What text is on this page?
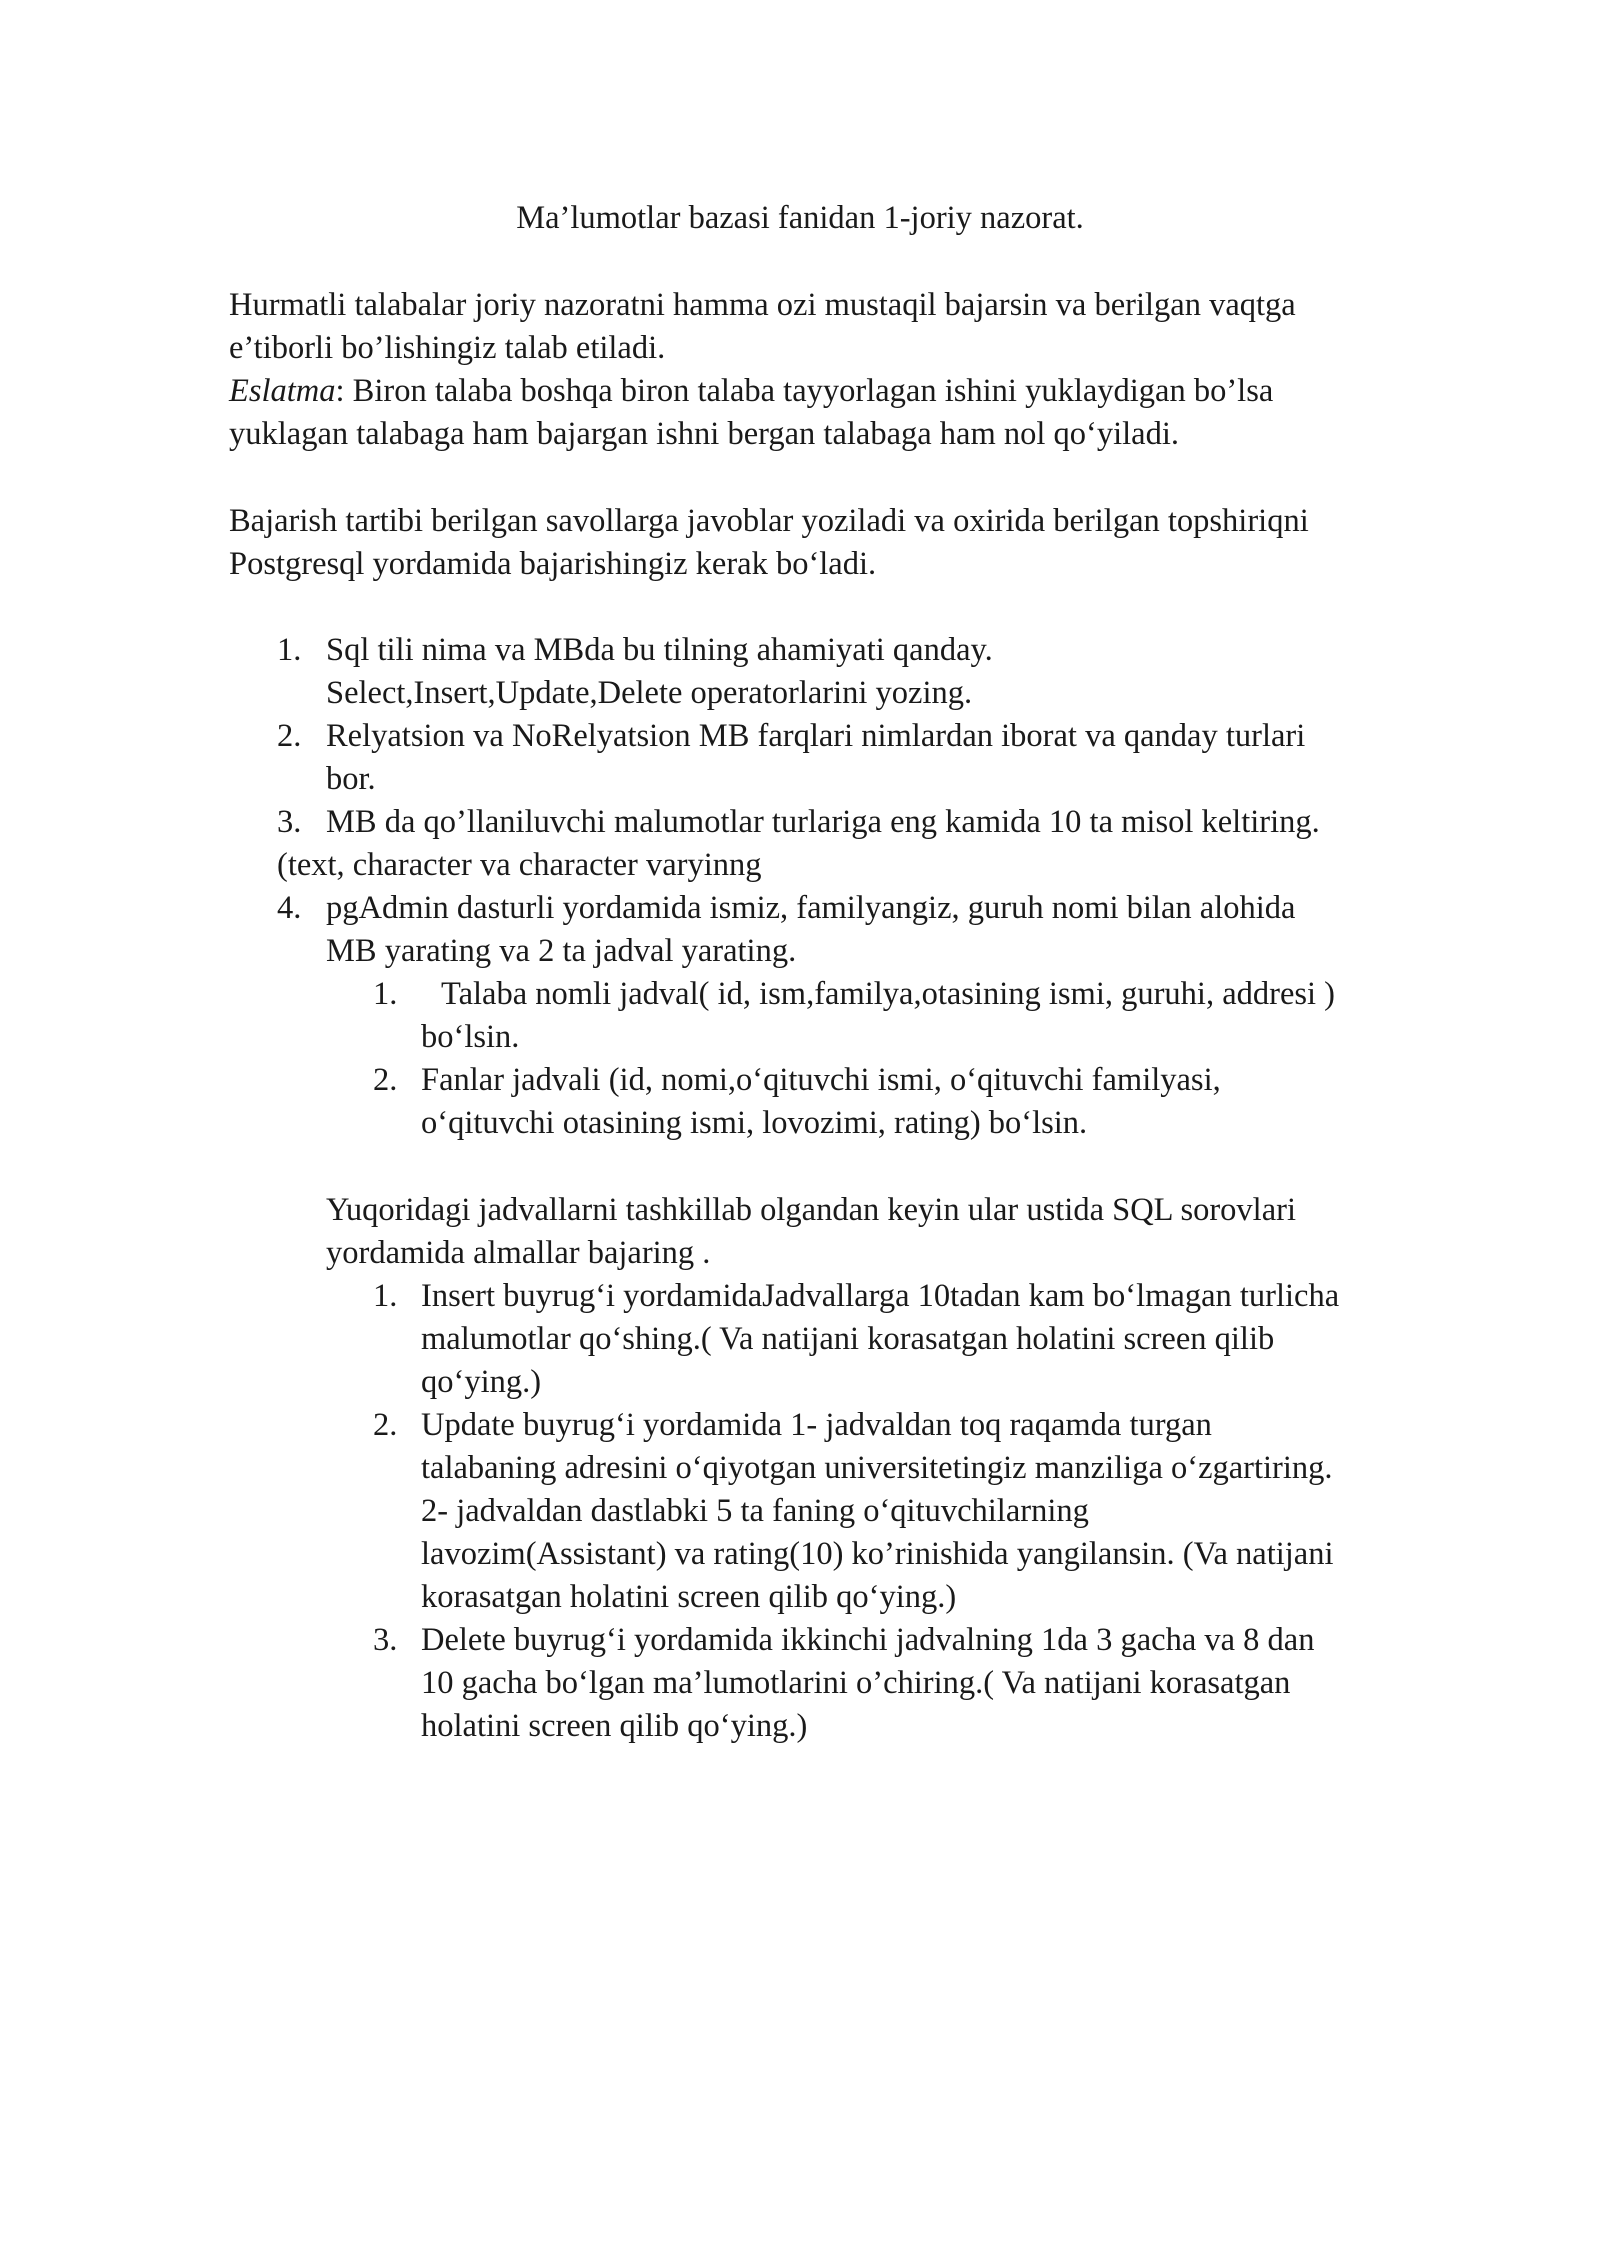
Ma’lumotlar bazasi fanidan 1-joriy nazorat.
Hurmatli talabalar joriy nazoratni hamma ozi mustaqil bajarsin va berilgan vaqtga
e’tiborli bo’lishingiz talab etiladi.
Eslatma: Biron talaba boshqa biron talaba tayyorlagan ishini yuklaydigan bo’lsa
yuklagan talabaga ham bajargan ishni bergan talabaga ham nol qo‘yiladi.
Bajarish tartibi berilgan savollarga javoblar yoziladi va oxirida berilgan topshiriqni
Postgresql yordamida bajarishingiz kerak bo‘ladi.
1. Sql tili nima va MBda bu tilning ahamiyati qanday.
Select,Insert,Update,Delete operatorlarini yozing.
2. Relyatsion va NoRelyatsion MB farqlari nimlardan iborat va qanday turlari
bor.
3. MB da qo’llaniluvchi malumotlar turlariga eng kamida 10 ta misol keltiring.
(text, character va character varyinng
4. pgAdmin dasturli yordamida ismiz, familyangiz, guruh nomi bilan alohida
MB yarating va 2 ta jadval yarating.
1. Talaba nomli jadval( id, ism,familya,otasining ismi, guruhi, addresi )
bo‘lsin.
2. Fanlar jadvali (id, nomi,o‘qituvchi ismi, o‘qituvchi familyasi,
o‘qituvchi otasining ismi, lovozimi, rating) bo‘lsin.
Yuqoridagi jadvallarni tashkillab olgandan keyin ular ustida SQL sorovlari
yordamida almallar bajaring .
1. Insert buyrug‘i yordamidaJadvallarga 10tadan kam bo‘lmagan turlicha
malumotlar qo‘shing.( Va natijani korasatgan holatini screen qilib
qo‘ying.)
2. Update buyrug‘i yordamida 1- jadvaldan toq raqamda turgan
talabaning adresini o‘qiyotgan universitetingiz manziliga o‘zgartiring.
2- jadvaldan dastlabki 5 ta faning o‘qituvchilarning
lavozim(Assistant) va rating(10) ko’rinishida yangilansin. (Va natijani
korasatgan holatini screen qilib qo‘ying.)
3. Delete buyrug‘i yordamida ikkinchi jadvalning 1da 3 gacha va 8 dan
10 gacha bo‘lgan ma’lumotlarini o’chiring.( Va natijani korasatgan
holatini screen qilib qo‘ying.)
